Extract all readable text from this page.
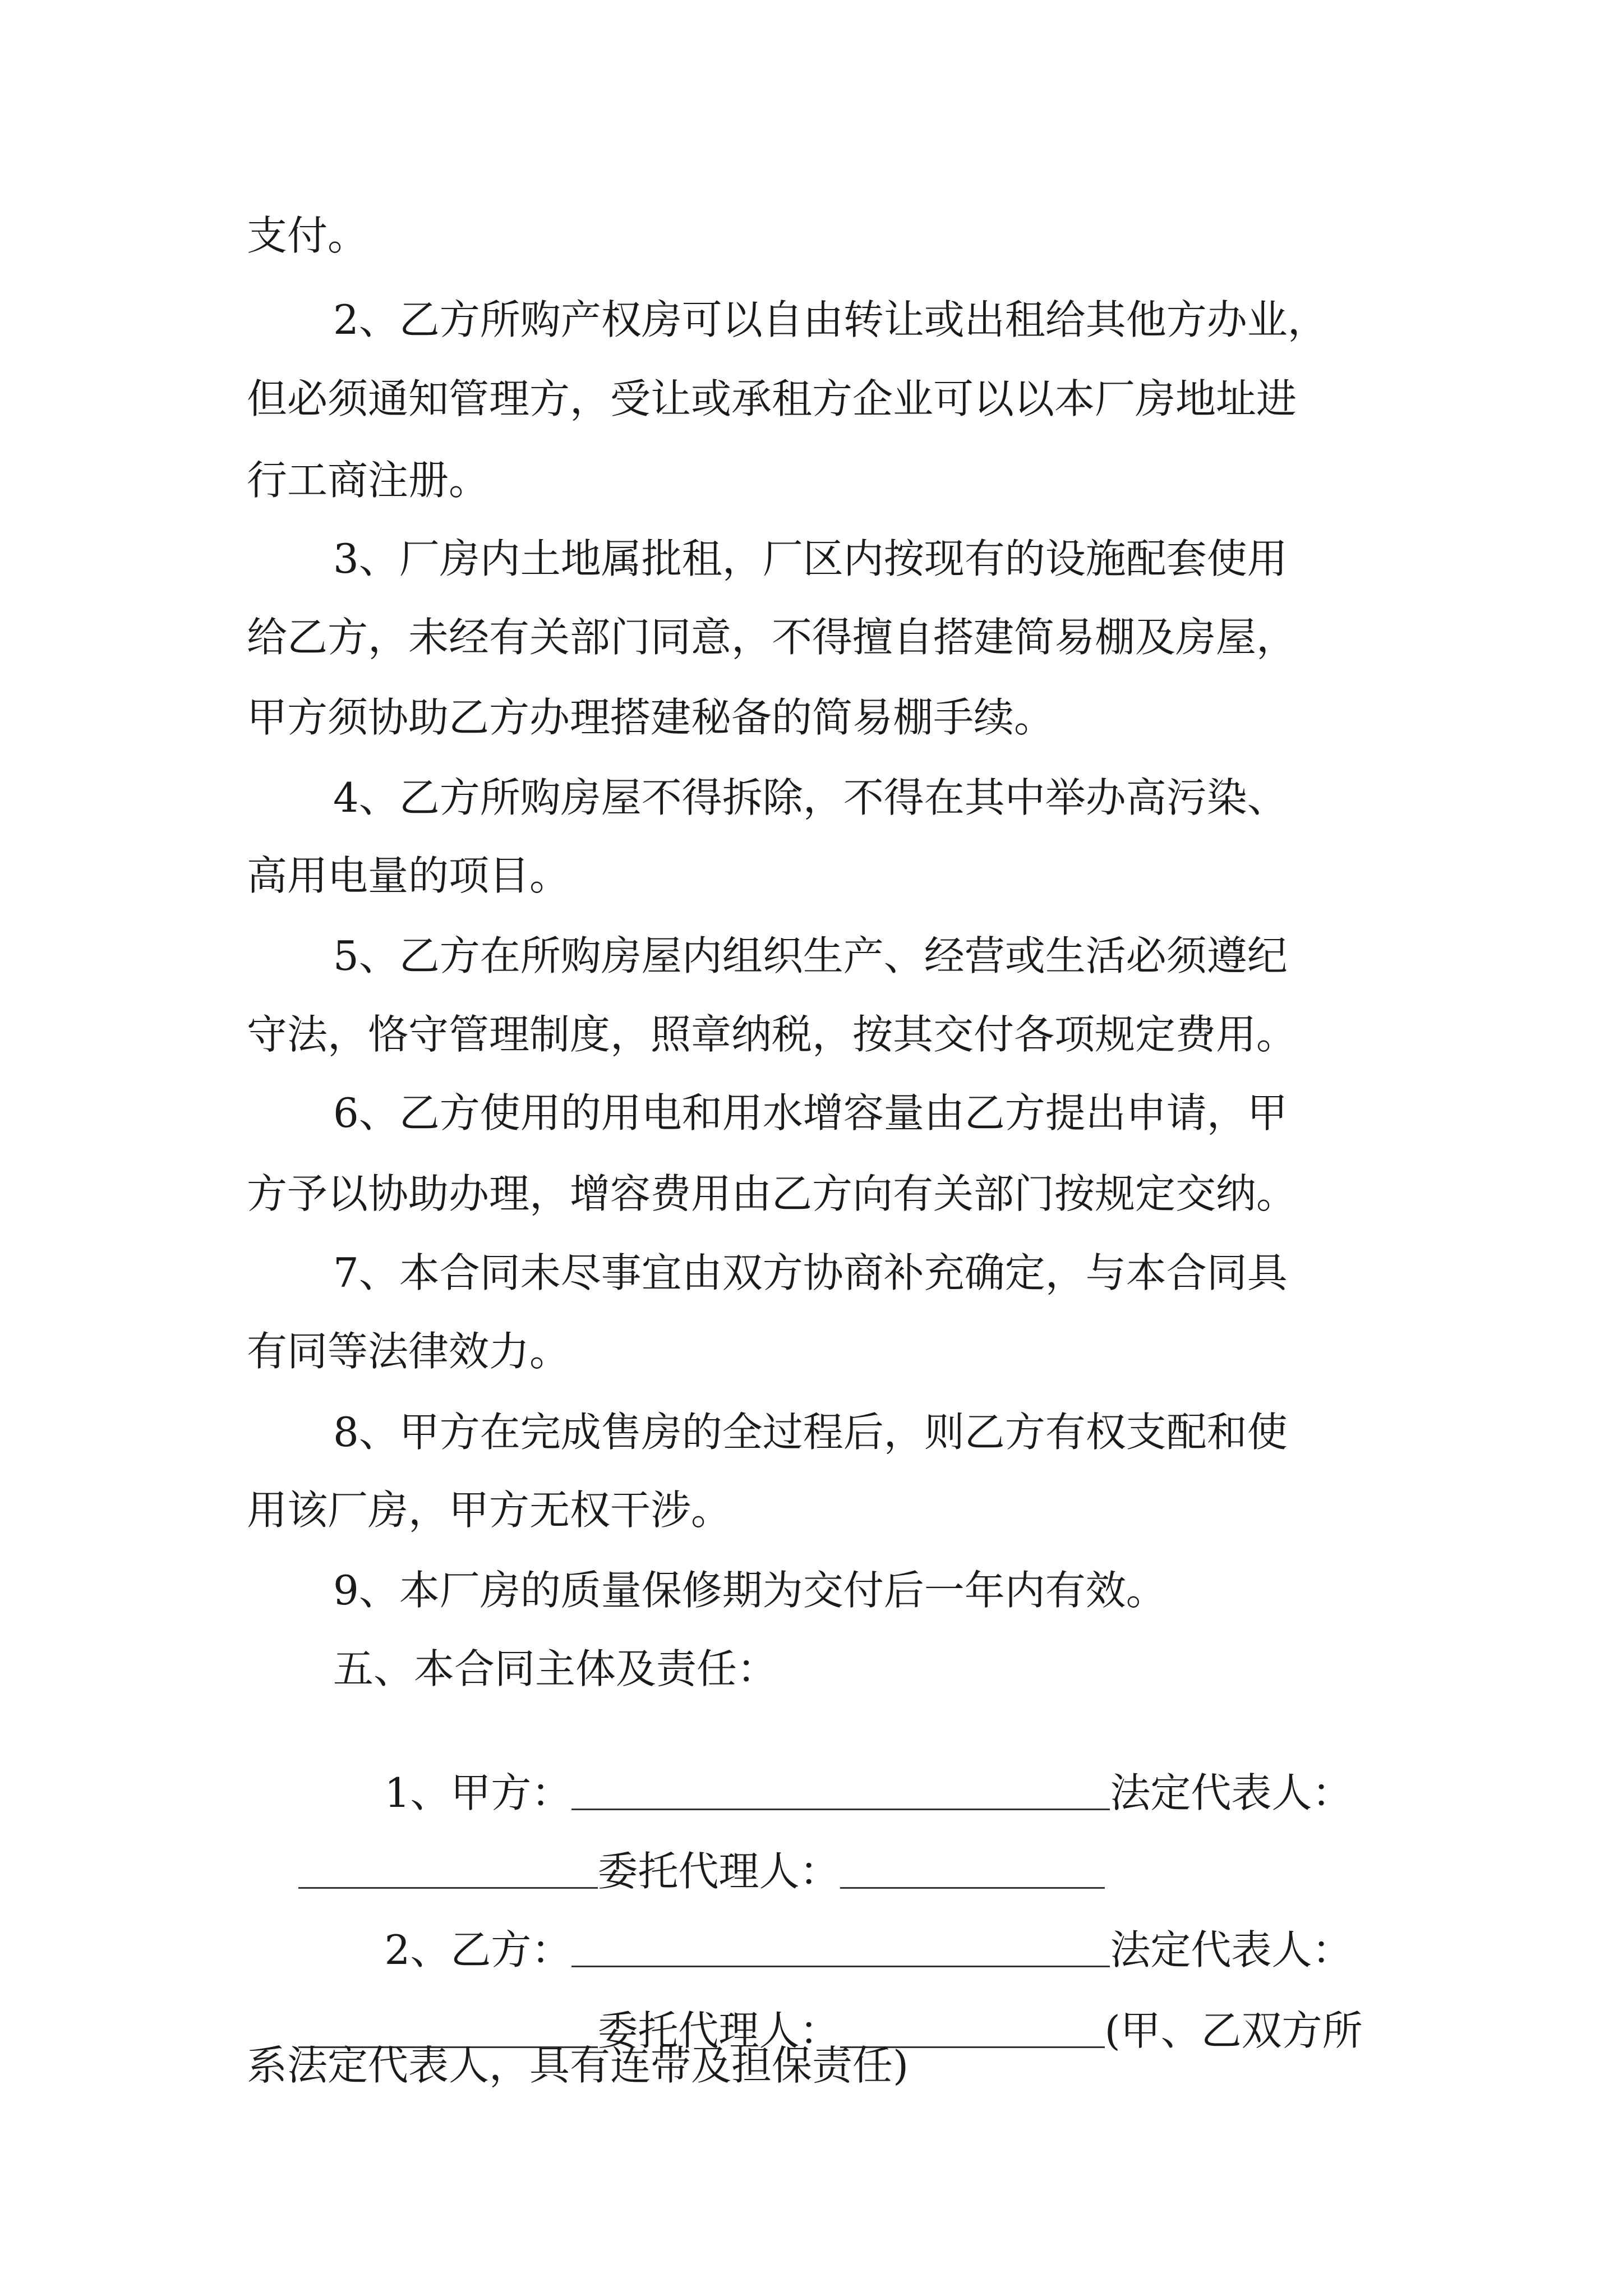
支付。
2、乙方所购产权房可以自由转让或出租给其他方办业，
但必须通知管理方，受让或承租方企业可以以本厂房地址进
行工商注册。
3、厂房内土地属批租，厂区内按现有的设施配套使用
给乙方，未经有关部门同意，不得擅自搭建简易棚及房屋，
甲方须协助乙方办理搭建秘备的简易棚手续。
4、乙方所购房屋不得拆除，不得在其中举办高污染、
高用电量的项目。
5、乙方在所购房屋内组织生产、经营或生活必须遵纪
守法，恪守管理制度，照章纳税，按其交付各项规定费用。
6、乙方使用的用电和用水增容量由乙方提出申请，甲
方予以协助办理，增容费用由乙方向有关部门按规定交纳。
7、本合同未尽事宜由双方协商补充确定，与本合同具
有同等法律效力。
8、甲方在完成售房的全过程后，则乙方有权支配和使
用该厂房，甲方无权干涉。
9、本厂房的质量保修期为交付后一年内有效。
五、本合同主体及责任：

1、甲方：	法定代表人：

委托代理人：

2、乙方：	法定代表人：

委托代理人：	(甲、乙双方所

系法定代表人，具有连带及担保责任)
